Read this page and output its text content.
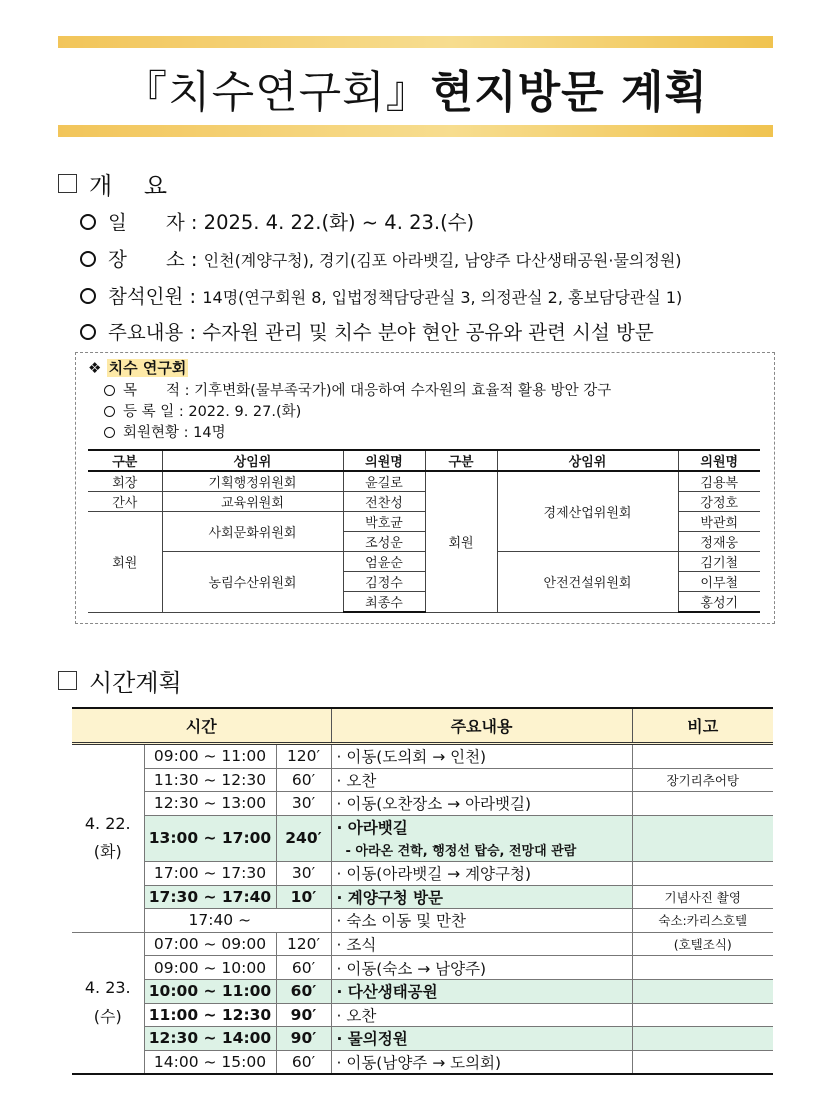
『치수연구회』현지방문 계획
개　 요
일　　자 : 2025. 4. 22.(화) ~ 4. 23.(수)
장　　소 : 인천(계양구청), 경기(김포 아라뱃길, 남양주 다산생태공원·물의정원)
참석인원 : 14명(연구회원 8, 입법정책담당관실 3, 의정관실 2, 홍보담당관실 1)
주요내용 : 수자원 관리 및 치수 분야 현안 공유와 관련 시설 방문
❖ 치수 연구회
목　　적 : 기후변화(물부족국가)에 대응하여 수자원의 효율적 활용 방안 강구
등 록 일 : 2022. 9. 27.(화)
회원현황 : 14명
구분	상임위	의원명	구분	상임위	의원명
회장	기획행정위원회	윤길로	회원	경제산업위원회	김용복
간사	교육위원회	전찬성			강정호
회원	사회문화위원회	박호균			박관희
		조성운			정재웅
	농림수산위원회	엄윤순		안전건설위원회	김기철
		김정수			이무철
		최종수			홍성기
시간계획
시간			주요내용	비고
4. 22.
(화)	09:00 ~ 11:00	120′	· 이동(도의회 → 인천)	
	11:30 ~ 12:30	60′	· 오찬	장기리추어탕
	12:30 ~ 13:00	30′	· 이동(오찬장소 → 아라뱃길)	
	13:00 ~ 17:00	240′	· 아라뱃길	
			- 아라온 견학, 행정선 탑승, 전망대 관람	
	17:00 ~ 17:30	30′	· 이동(아라뱃길 → 계양구청)	
	17:30 ~ 17:40	10′	· 계양구청 방문	기념사진 촬영
	17:40 ~		· 숙소 이동 및 만찬	숙소:카리스호텔
4. 23.
(수)	07:00 ~ 09:00	120′	· 조식	(호텔조식)
	09:00 ~ 10:00	60′	· 이동(숙소 → 남양주)	
	10:00 ~ 11:00	60′	· 다산생태공원	
	11:00 ~ 12:30	90′	· 오찬	
	12:30 ~ 14:00	90′	· 물의정원	
	14:00 ~ 15:00	60′	· 이동(남양주 → 도의회)	
